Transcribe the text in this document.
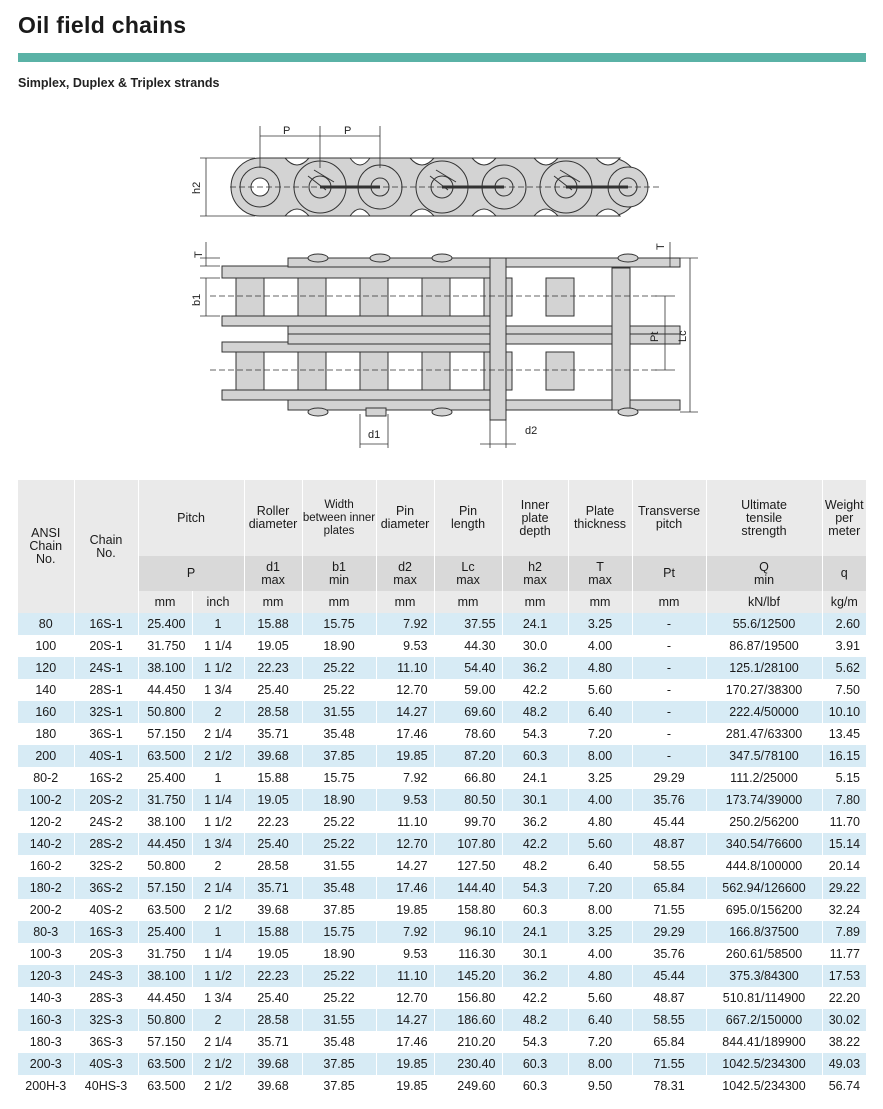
Oil field chains
Simplex, Duplex & Triplex strands
P	P
h2
T
b1
T
Pt Lc
d1	d2
ANSI Chain No.	Chain No.	Pitch		Roller diameter	Width between inner plates	Pin diameter	Pin length	Inner plate depth	Plate thickness	Transverse pitch	Ultimate tensile strength	Weight per meter
		P		d1 max	b1 min	d2 max	Lc max	h2 max	T max	Pt	Q min	q
		mm	inch	mm	mm	mm	mm	mm	mm	mm	kN/lbf	kg/m
80	16S-1	25.400	1	15.88	15.75	7.92	37.55	24.1	3.25	-	55.6/12500	2.60
100	20S-1	31.750	1 1/4	19.05	18.90	9.53	44.30	30.0	4.00	-	86.87/19500	3.91
120	24S-1	38.100	1 1/2	22.23	25.22	11.10	54.40	36.2	4.80	-	125.1/28100	5.62
140	28S-1	44.450	1 3/4	25.40	25.22	12.70	59.00	42.2	5.60	-	170.27/38300	7.50
160	32S-1	50.800	2	28.58	31.55	14.27	69.60	48.2	6.40	-	222.4/50000	10.10
180	36S-1	57.150	2 1/4	35.71	35.48	17.46	78.60	54.3	7.20	-	281.47/63300	13.45
200	40S-1	63.500	2 1/2	39.68	37.85	19.85	87.20	60.3	8.00	-	347.5/78100	16.15
80-2	16S-2	25.400	1	15.88	15.75	7.92	66.80	24.1	3.25	29.29	111.2/25000	5.15
100-2	20S-2	31.750	1 1/4	19.05	18.90	9.53	80.50	30.1	4.00	35.76	173.74/39000	7.80
120-2	24S-2	38.100	1 1/2	22.23	25.22	11.10	99.70	36.2	4.80	45.44	250.2/56200	11.70
140-2	28S-2	44.450	1 3/4	25.40	25.22	12.70	107.80	42.2	5.60	48.87	340.54/76600	15.14
160-2	32S-2	50.800	2	28.58	31.55	14.27	127.50	48.2	6.40	58.55	444.8/100000	20.14
180-2	36S-2	57.150	2 1/4	35.71	35.48	17.46	144.40	54.3	7.20	65.84	562.94/126600	29.22
200-2	40S-2	63.500	2 1/2	39.68	37.85	19.85	158.80	60.3	8.00	71.55	695.0/156200	32.24
80-3	16S-3	25.400	1	15.88	15.75	7.92	96.10	24.1	3.25	29.29	166.8/37500	7.89
100-3	20S-3	31.750	1 1/4	19.05	18.90	9.53	116.30	30.1	4.00	35.76	260.61/58500	11.77
120-3	24S-3	38.100	1 1/2	22.23	25.22	11.10	145.20	36.2	4.80	45.44	375.3/84300	17.53
140-3	28S-3	44.450	1 3/4	25.40	25.22	12.70	156.80	42.2	5.60	48.87	510.81/114900	22.20
160-3	32S-3	50.800	2	28.58	31.55	14.27	186.60	48.2	6.40	58.55	667.2/150000	30.02
180-3	36S-3	57.150	2 1/4	35.71	35.48	17.46	210.20	54.3	7.20	65.84	844.41/189900	38.22
200-3	40S-3	63.500	2 1/2	39.68	37.85	19.85	230.40	60.3	8.00	71.55	1042.5/234300	49.03
200H-3	40HS-3	63.500	2 1/2	39.68	37.85	19.85	249.60	60.3	9.50	78.31	1042.5/234300	56.74
